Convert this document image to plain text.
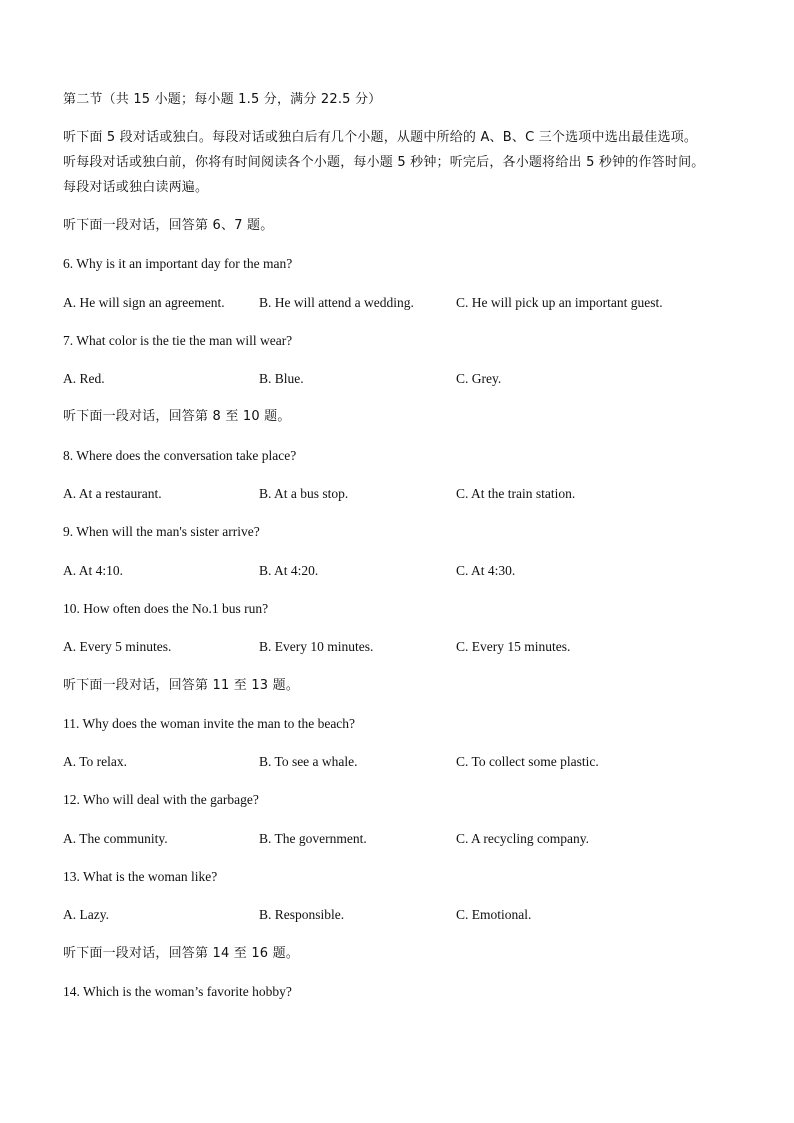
第二节（共 15 小题；每小题 1.5 分，满分 22.5 分）
听下面 5 段对话或独白。每段对话或独白后有几个小题，从题中所给的 A、B、C 三个选项中选出最佳选项。
听每段对话或独白前，你将有时间阅读各个小题，每小题 5 秒钟；听完后，各小题将给出 5 秒钟的作答时间。
每段对话或独白读两遍。
听下面一段对话，回答第 6、7 题。
6. Why is it an important day for the man?
A. He will sign an agreement.	B. He will attend a wedding.	C. He will pick up an important guest.
7. What color is the tie the man will wear?
A. Red.	B. Blue.	C. Grey.
听下面一段对话，回答第 8 至 10 题。
8. Where does the conversation take place?
A. At a restaurant.	B. At a bus stop.	C. At the train station.
9. When will the man's sister arrive?
A. At 4:10.	B. At 4:20.	C. At 4:30.
10. How often does the No.1 bus run?
A. Every 5 minutes.	B. Every 10 minutes.	C. Every 15 minutes.
听下面一段对话，回答第 11 至 13 题。
11. Why does the woman invite the man to the beach?
A. To relax.	B. To see a whale.	C. To collect some plastic.
12. Who will deal with the garbage?
A. The community.	B. The government.	C. A recycling company.
13. What is the woman like?
A. Lazy.	B. Responsible.	C. Emotional.
听下面一段对话，回答第 14 至 16 题。
14. Which is the woman’s favorite hobby?
